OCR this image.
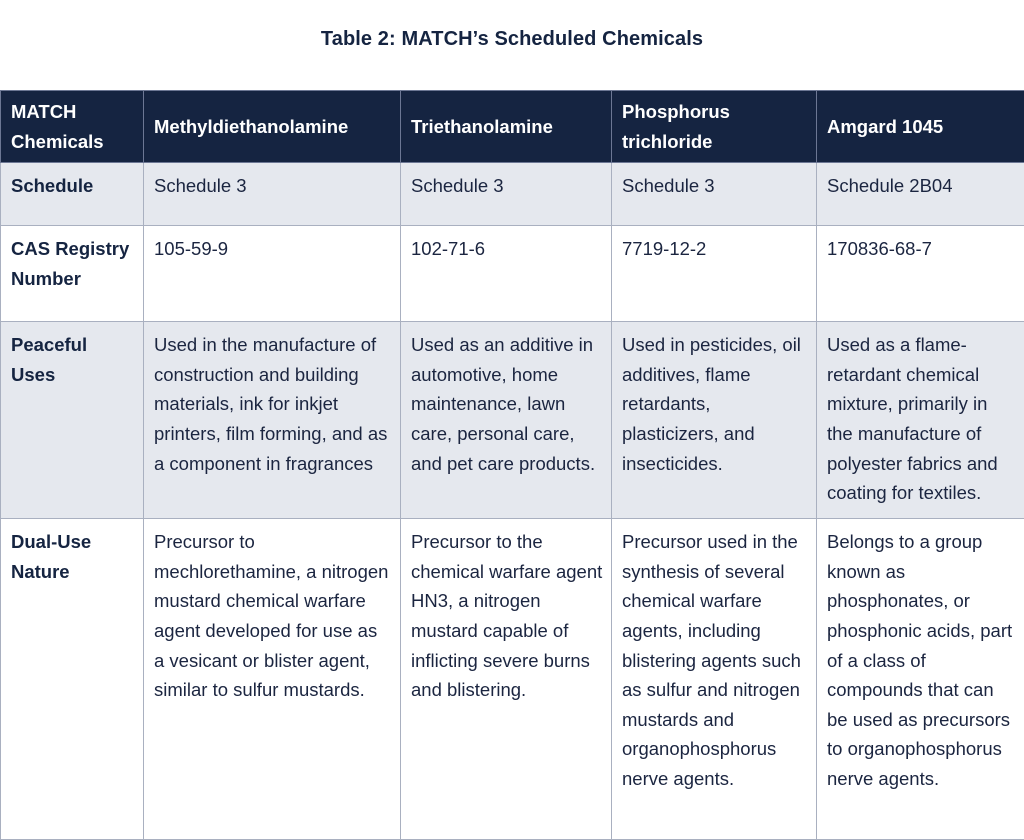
Table 2: MATCH’s Scheduled Chemicals
MATCH Chemicals	Methyldiethanolamine	Triethanolamine	Phosphorus trichloride	Amgard 1045
Schedule	Schedule 3	Schedule 3	Schedule 3	Schedule 2B04
CAS Registry Number	105-59-9	102-71-6	7719-12-2	170836-68-7
Peaceful Uses	Used in the manufacture of construction and building materials, ink for inkjet printers, film forming, and as a component in fragrances	Used as an additive in automotive, home maintenance, lawn care, personal care, and pet care products.	Used in pesticides, oil additives, flame retardants, plasticizers, and insecticides.	Used as a flame-retardant chemical mixture, primarily in the manufacture of polyester fabrics and coating for textiles.
Dual-Use Nature	Precursor to mechlorethamine, a nitrogen mustard chemical warfare agent developed for use as a vesicant or blister agent, similar to sulfur mustards.	Precursor to the chemical warfare agent HN3, a nitrogen mustard capable of inflicting severe burns and blistering.	Precursor used in the synthesis of several chemical warfare agents, including blistering agents such as sulfur and nitrogen mustards and organophosphorus nerve agents.	Belongs to a group known as phosphonates, or phosphonic acids, part of a class of compounds that can be used as precursors to organophosphorus nerve agents.
